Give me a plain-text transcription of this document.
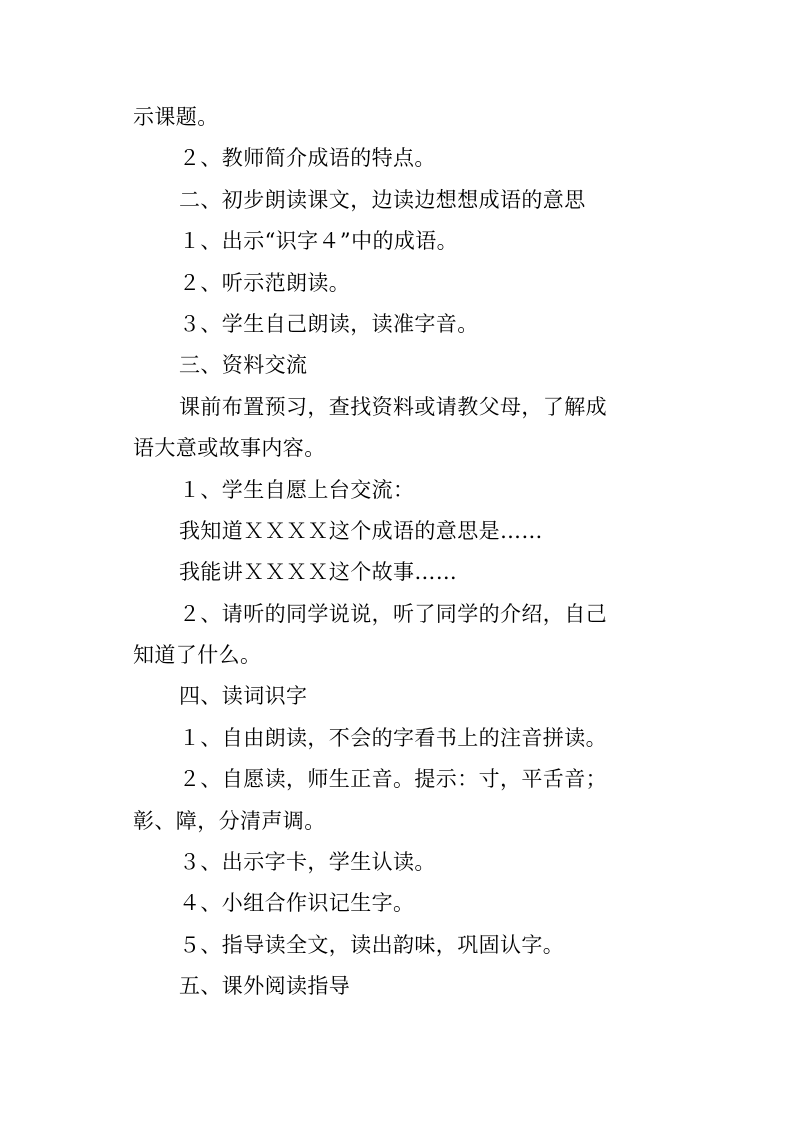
示课题。
２、教师简介成语的特点。
二、初步朗读课文，边读边想想成语的意思
１、出示“识字４”中的成语。
２、听示范朗读。
３、学生自己朗读，读准字音。
三、资料交流
课前布置预习，查找资料或请教父母，了解成
语大意或故事内容。
１、学生自愿上台交流：
我知道ＸＸＸＸ这个成语的意思是……
我能讲ＸＸＸＸ这个故事……
２、请听的同学说说，听了同学的介绍，自己
知道了什么。
四、读词识字
１、自由朗读，不会的字看书上的注音拼读。
２、自愿读，师生正音。提示：寸，平舌音；
彰、障，分清声调。
３、出示字卡，学生认读。
４、小组合作识记生字。
５、指导读全文，读出韵味，巩固认字。
五、课外阅读指导
